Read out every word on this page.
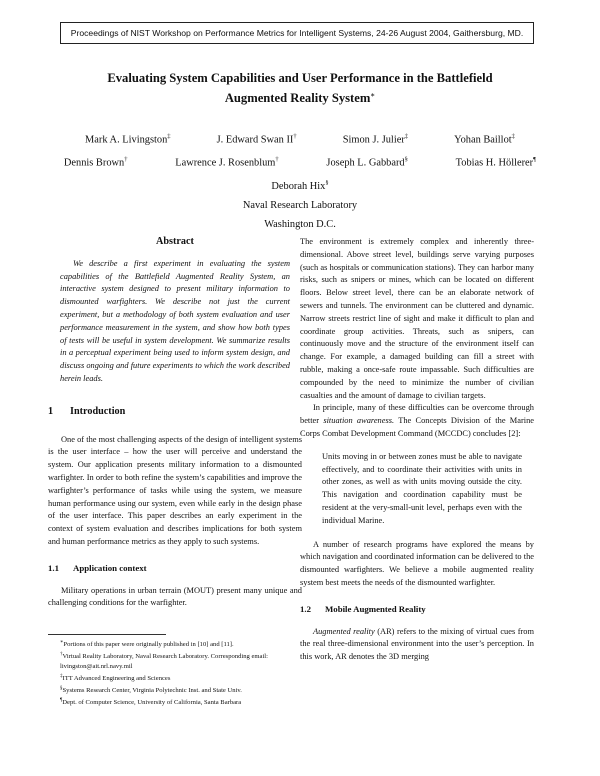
Proceedings of NIST Workshop on Performance Metrics for Intelligent Systems, 24-26 August 2004, Gaithersburg, MD.
Evaluating System Capabilities and User Performance in the Battlefield
Augmented Reality System∗
Mark A. Livingston‡	J. Edward Swan II†	Simon J. Julier‡	Yohan Baillot‡
Dennis Brown†	Lawrence J. Rosenblum†	Joseph L. Gabbard§	Tobias H. Höllerer¶
Deborah Hix§
Naval Research Laboratory
Washington D.C.
Abstract

We describe a first experiment in evaluating the system capabilities of the Battlefield Augmented Reality System, an interactive system designed to present military information to dismounted warfighters. We describe not just the current experiment, but a methodology of both system evaluation and user performance measurement in the system, and show how both types of tests will be useful in system development. We summarize results in a perceptual experiment being used to inform system design, and discuss ongoing and future experiments to which the work described herein leads.

1 Introduction

One of the most challenging aspects of the design of intelligent systems is the user interface – how the user will perceive and understand the system. Our application presents military information to a dismounted warfighter. In order to both refine the system’s capabilities and improve the warfighter’s performance of tasks while using the system, we measure human performance using our system, even while early in the design phase of the user interface. This paper describes an early experiment in the context of system evaluation and describes implications for both system and human performance metrics as they apply to such systems.

1.1 Application context

Military operations in urban terrain (MOUT) present many unique and challenging conditions for the warfighter.

∗Portions of this paper were originally published in [10] and [11].
†Virtual Reality Laboratory, Naval Research Laboratory. Corresponding email: livingston@ait.nrl.navy.mil
‡ITT Advanced Engineering and Sciences
§Systems Research Center, Virginia Polytechnic Inst. and State Univ.
¶Dept. of Computer Science, University of California, Santa Barbara

The environment is extremely complex and inherently three-dimensional. Above street level, buildings serve varying purposes (such as hospitals or communication stations). They can harbor many risks, such as snipers or mines, which can be located on different floors. Below street level, there can be an elaborate network of sewers and tunnels. The environment can be cluttered and dynamic. Narrow streets restrict line of sight and make it difficult to plan and coordinate group activities. Threats, such as snipers, can continuously move and the structure of the environment itself can change. For example, a damaged building can fill a street with rubble, making a once-safe route impassable. Such difficulties are compounded by the need to minimize the number of civilian casualties and the amount of damage to civilian targets.

In principle, many of these difficulties can be overcome through better situation awareness. The Concepts Division of the Marine Corps Combat Development Command (MCCDC) concludes [2]:

Units moving in or between zones must be able to navigate effectively, and to coordinate their activities with units in other zones, as well as with units moving outside the city. This navigation and coordination capability must be resident at the very-small-unit level, perhaps even with the individual Marine.

A number of research programs have explored the means by which navigation and coordinated information can be delivered to the dismounted warfighters. We believe a mobile augmented reality system best meets the needs of the dismounted warfighter.

1.2 Mobile Augmented Reality

Augmented reality (AR) refers to the mixing of virtual cues from the real three-dimensional environment into the user’s perception. In this work, AR denotes the 3D merging
